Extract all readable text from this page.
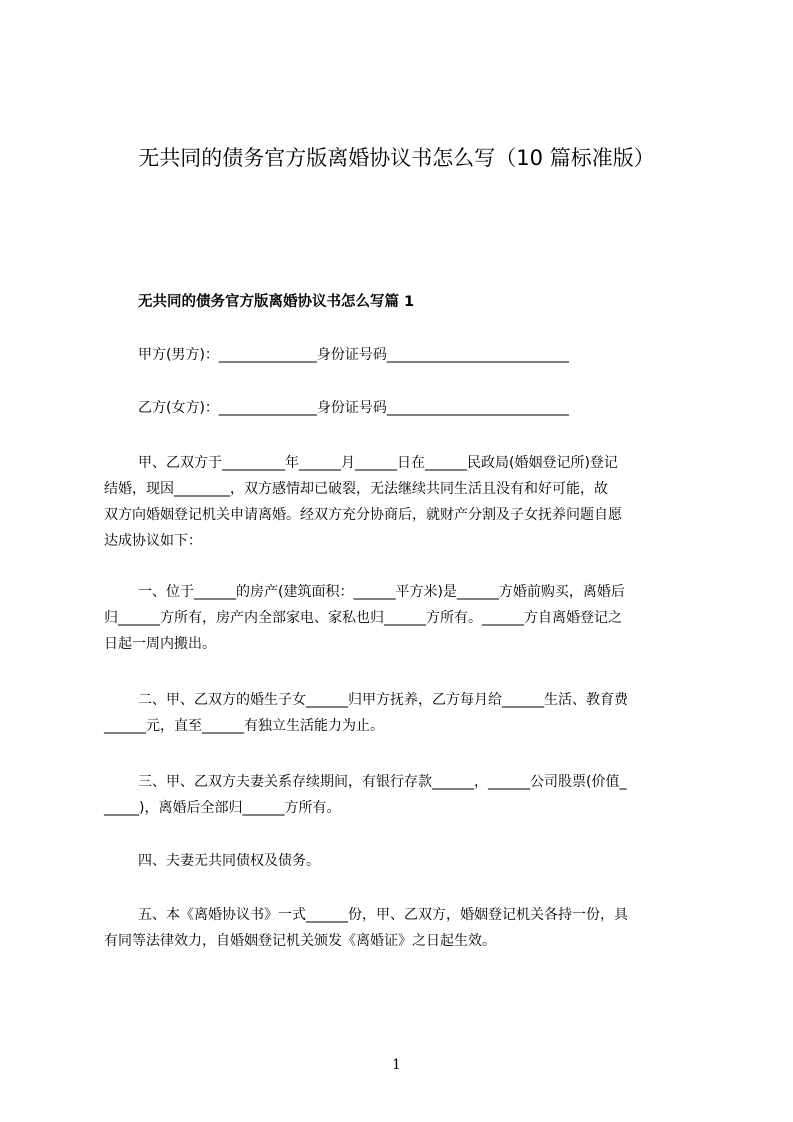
无共同的债务官方版离婚协议书怎么写（10 篇标准版）
无共同的债务官方版离婚协议书怎么写篇 1
甲方(男方)：______________身份证号码__________________________
乙方(女方)：______________身份证号码__________________________
甲、乙双方于_________年______月______日在______民政局(婚姻登记所)登记
结婚，现因________，双方感情却已破裂，无法继续共同生活且没有和好可能，故
双方向婚姻登记机关申请离婚。经双方充分协商后，就财产分割及子女抚养问题自愿
达成协议如下：
一、位于______的房产(建筑面积：______平方米)是______方婚前购买，离婚后
归______方所有，房产内全部家电、家私也归______方所有。______方自离婚登记之
日起一周内搬出。
二、甲、乙双方的婚生子女______归甲方抚养，乙方每月给______生活、教育费
______元，直至______有独立生活能力为止。
三、甲、乙双方夫妻关系存续期间，有银行存款______，______公司股票(价值_
_____)，离婚后全部归______方所有。
四、夫妻无共同债权及债务。
五、本《离婚协议书》一式______份，甲、乙双方，婚姻登记机关各持一份，具
有同等法律效力，自婚姻登记机关颁发《离婚证》之日起生效。
1
